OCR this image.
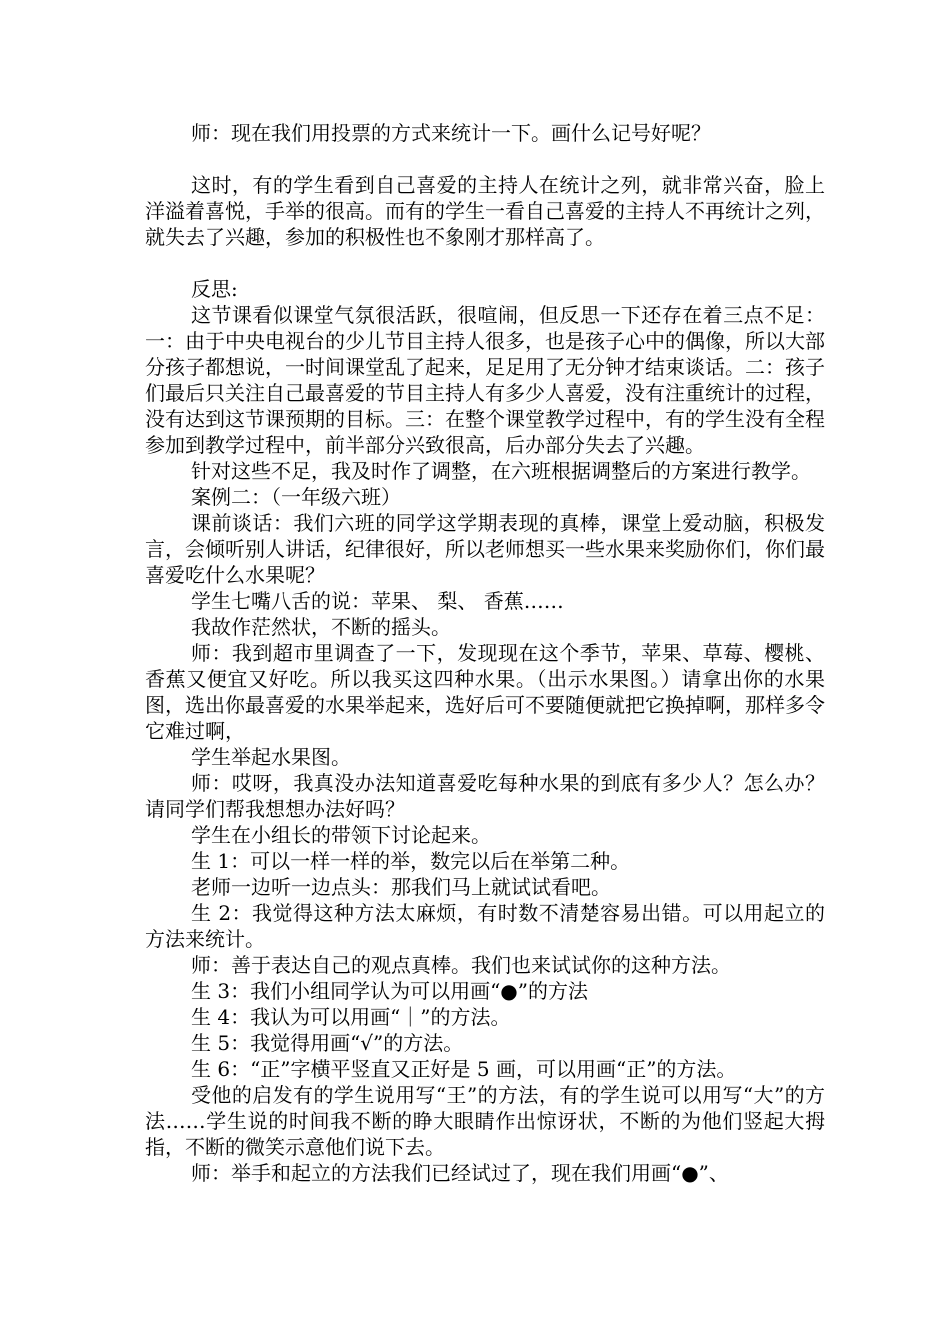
师：现在我们用投票的方式来统计一下。画什么记号好呢？

这时，有的学生看到自己喜爱的主持人在统计之列，就非常兴奋，脸上洋溢着喜悦，手举的很高。而有的学生一看自己喜爱的主持人不再统计之列，就失去了兴趣，参加的积极性也不象刚才那样高了。

反思:

这节课看似课堂气氛很活跃，很喧闹，但反思一下还存在着三点不足：一：由于中央电视台的少儿节目主持人很多，也是孩子心中的偶像，所以大部分孩子都想说，一时间课堂乱了起来，足足用了无分钟才结束谈话。二：孩子们最后只关注自己最喜爱的节目主持人有多少人喜爱，没有注重统计的过程，没有达到这节课预期的目标。三：在整个课堂教学过程中，有的学生没有全程参加到教学过程中，前半部分兴致很高，后办部分失去了兴趣。

针对这些不足，我及时作了调整，在六班根据调整后的方案进行教学。

案例二：（一年级六班）

课前谈话：我们六班的同学这学期表现的真棒，课堂上爱动脑，积极发言，会倾听别人讲话，纪律很好，所以老师想买一些水果来奖励你们，你们最喜爱吃什么水果呢？

学生七嘴八舌的说：苹果、 梨、 香蕉……

我故作茫然状，不断的摇头。

师：我到超市里调查了一下，发现现在这个季节，苹果、草莓、樱桃、香蕉又便宜又好吃。所以我买这四种水果。（出示水果图。）请拿出你的水果图，选出你最喜爱的水果举起来，选好后可不要随便就把它换掉啊，那样多令它难过啊，

学生举起水果图。

师：哎呀，我真没办法知道喜爱吃每种水果的到底有多少人？怎么办？请同学们帮我想想办法好吗？

学生在小组长的带领下讨论起来。

生 1：可以一样一样的举，数完以后在举第二种。

老师一边听一边点头：那我们马上就试试看吧。

生 2：我觉得这种方法太麻烦，有时数不清楚容易出错。可以用起立的方法来统计。

师：善于表达自己的观点真棒。我们也来试试你的这种方法。

生 3：我们小组同学认为可以用画“●”的方法

生 4：我认为可以用画“｜”的方法。

生 5：我觉得用画“√”的方法。

生 6：“正”字横平竖直又正好是 5 画，可以用画“正”的方法。

受他的启发有的学生说用写“王”的方法，有的学生说可以用写“大”的方法……学生说的时间我不断的睁大眼睛作出惊讶状，不断的为他们竖起大拇指，不断的微笑示意他们说下去。

师：举手和起立的方法我们已经试过了，现在我们用画“●”、
